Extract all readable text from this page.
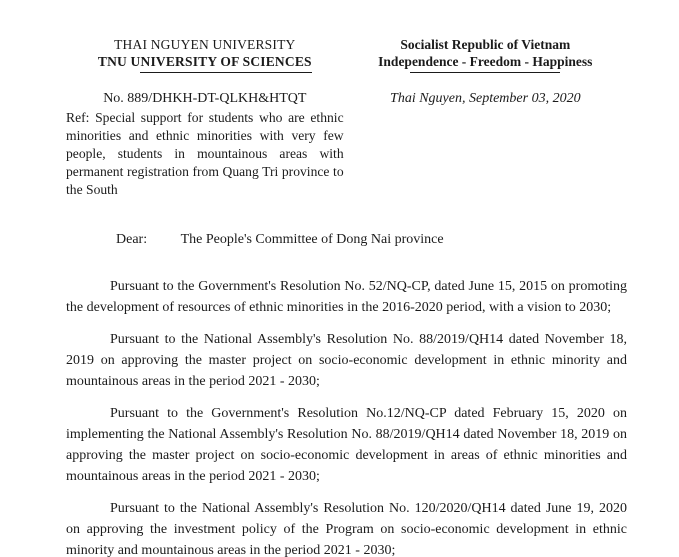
THAI NGUYEN UNIVERSITY
TNU UNIVERSITY OF SCIENCES
No. 889/DHKH-DT-QLKH&HTQT
Ref: Special support for students who are ethnic minorities and ethnic minorities with very few people, students in mountainous areas with permanent registration from Quang Tri province to the South
Socialist Republic of Vietnam
Independence - Freedom - Happiness
Thai Nguyen, September 03, 2020
Dear: The People's Committee of Dong Nai province

Pursuant to the Government's Resolution No. 52/NQ-CP, dated June 15, 2015 on promoting the development of resources of ethnic minorities in the 2016-2020 period, with a vision to 2030;

Pursuant to the National Assembly's Resolution No. 88/2019/QH14 dated November 18, 2019 on approving the master project on socio-economic development in ethnic minority and mountainous areas in the period 2021 - 2030;

Pursuant to the Government's Resolution No.12/NQ-CP dated February 15, 2020 on implementing the National Assembly's Resolution No. 88/2019/QH14 dated November 18, 2019 on approving the master project on socio-economic development in areas of ethnic minorities and mountainous areas in the period 2021 - 2030;

Pursuant to the National Assembly's Resolution No. 120/2020/QH14 dated June 19, 2020 on approving the investment policy of the Program on socio-economic development in ethnic minority and mountainous areas in the period 2021 - 2030;
